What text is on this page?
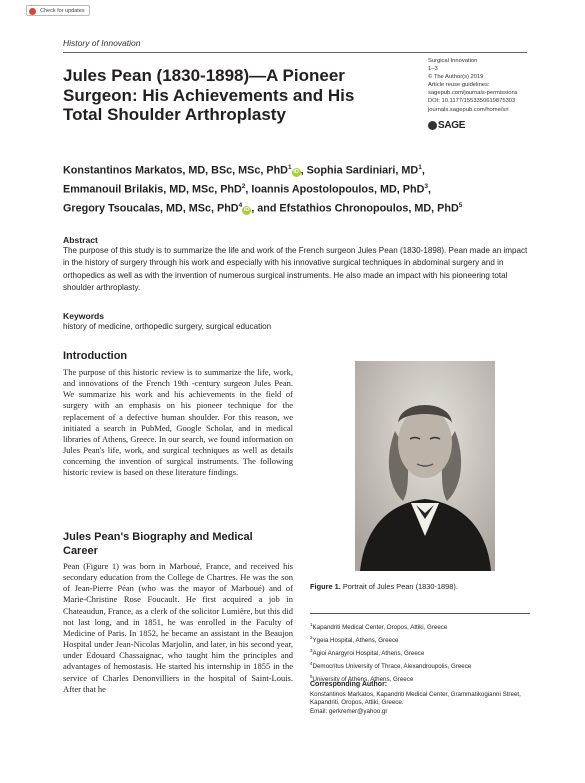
Check for updates
History of Innovation
Jules Pean (1830-1898)—A Pioneer Surgeon: His Achievements and His Total Shoulder Arthroplasty
Surgical Innovation
1–3
© The Author(s) 2019
Article reuse guidelines:
sagepub.com/journals-permissions
DOI: 10.1177/1553350619875303
journals.sagepub.com/home/sri
SAGE
Konstantinos Markatos, MD, BSc, MSc, PhD$^1$iD , Sophia Sardiniari, $MD^1$,
Emmanouil Brilakis, MD, MSc, PhD$^2$, Ioannis Apostolopoulos, MD, PhD$^3$,
Gregory Tsoucalas, MD, MSc, PhD$^4$iD , and Efstathios Chronopoulos, MD, PhD$^5$
Abstract

The purpose of this study is to summarize the life and work of the French surgeon Jules Pean (1830-1898). Pean made an impact in the history of surgery through his work and especially with his innovative surgical techniques in abdominal surgery and in orthopedics as well as with the invention of numerous surgical instruments. He also made an impact with his pioneering total shoulder arthroplasty.

Keywords

history of medicine, orthopedic surgery, surgical education

Introduction

The purpose of this historic review is to summarize the life, work, and innovations of the French 19th -century surgeon Jules Pean. We summarize his work and his achievements in the field of surgery with an emphasis on his pioneer technique for the replacement of a defective human shoulder. For this reason, we initiated a search in PubMed, Google Scholar, and in medical libraries of Athens, Greece. In our search, we found information on Jules Pean's life, work, and surgical techniques as well as details concerning the invention of surgical instruments. The following historic review is based on these literature findings.

Jules Pean's Biography and Medical Career

Pean (Figure 1) was born in Marboué, France, and received his secondary education from the College de Chartres. He was the son of Jean-Pierre Péan (who was the mayor of Marboué) and of Marie-Christine Rose Foucault. He first acquired a job in Chateaudun, France, as a clerk of the solicitor Lumière, but this did not last long, and in 1851, he was enrolled in the Faculty of Medicine of Paris. In 1852, he became an assistant in the Beaujon Hospital under Jean-Nicolas Marjolin, and later, in his second year, under Edouard Chassaignac, who taught him the principles and advantages of hemostasis. He started his internship in 1855 in the service of Charles Denonvilliers in the hospital of Saint-Louis. After that he

Figure 1. Portrait of Jules Pean (1830-1898).
$^1$Kapandriti Medical Center, Oropos, Attiki, Greece
$^2$Ygeia Hospital, Athens, Greece
$^3$Agioi Anargyroi Hospital, Athens, Greece
$^4$Democritus University of Thrace, Alexandroupolis, Greece
$^5$University of Athens, Athens, Greece
Corresponding Author:
Konstantinos Markatos, Kapandriti Medical Center, Grammatikogianni Street, Kapandriti, Oropos, Attiki, Greece.
Email: gerkremer@yahoo.gr
